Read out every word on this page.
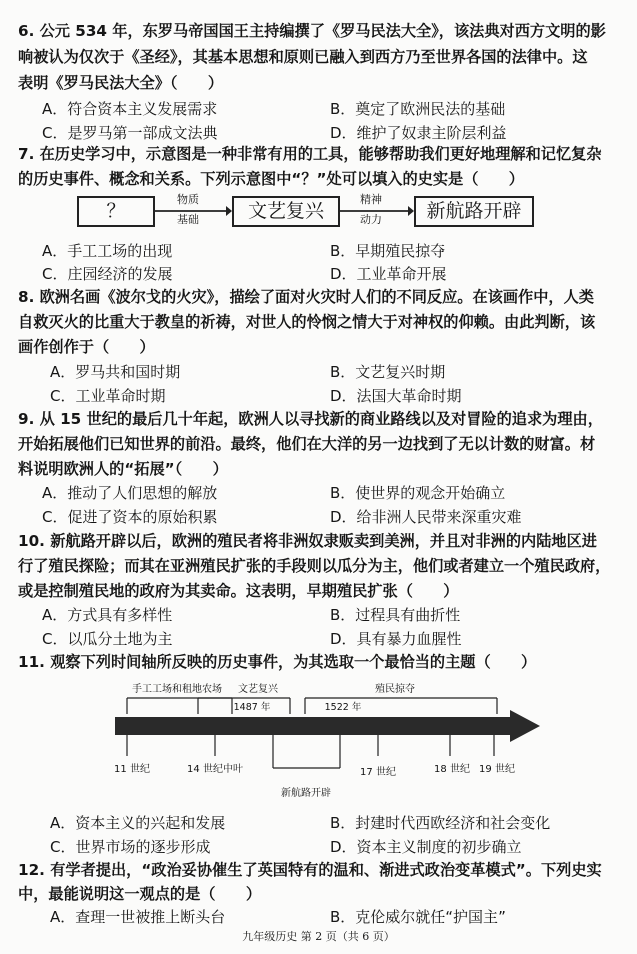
6. 公元 534 年，东罗马帝国国王主持编撰了《罗马民法大全》，该法典对西方文明的影
响被认为仅次于《圣经》，其基本思想和原则已融入到西方乃至世界各国的法律中。这
表明《罗马民法大全》（　　）
A．符合资本主义发展需求	B．奠定了欧洲民法的基础
C．是罗马第一部成文法典	D．维护了奴隶主阶层利益
7. 在历史学习中，示意图是一种非常有用的工具，能够帮助我们更好地理解和记忆复杂
的历史事件、概念和关系。下列示意图中“？”处可以填入的史实是（　　）
？
物质
基础	文艺复兴
精神
动力	新航路开辟
A．手工工场的出现	B．早期殖民掠夺
C．庄园经济的发展	D．工业革命开展
8. 欧洲名画《波尔戈的火灾》，描绘了面对火灾时人们的不同反应。在该画作中，人类
自救灭火的比重大于教皇的祈祷，对世人的怜悯之情大于对神权的仰赖。由此判断，该
画作创作于（　　）
A．罗马共和国时期	B．文艺复兴时期
C．工业革命时期	D．法国大革命时期
9. 从 15 世纪的最后几十年起，欧洲人以寻找新的商业路线以及对冒险的追求为理由，
开始拓展他们已知世界的前沿。最终，他们在大洋的另一边找到了无以计数的财富。材
料说明欧洲人的“拓展”（　　）
A．推动了人们思想的解放	B．使世界的观念开始确立
C．促进了资本的原始积累	D．给非洲人民带来深重灾难
10. 新航路开辟以后，欧洲的殖民者将非洲奴隶贩卖到美洲，并且对非洲的内陆地区进
行了殖民探险；而其在亚洲殖民扩张的手段则以瓜分为主，他们或者建立一个殖民政府，
或是控制殖民地的政府为其卖命。这表明，早期殖民扩张（　　）
A．方式具有多样性	B．过程具有曲折性
C．以瓜分土地为主	D．具有暴力血腥性
11. 观察下列时间轴所反映的历史事件，为其选取一个最恰当的主题（　　）
手工工场和租地农场 文艺复兴	殖民掠夺
1487 年	1522 年
11 世纪	14 世纪中叶	17 世纪	18 世纪 19 世纪
新航路开辟
A．资本主义的兴起和发展	B．封建时代西欧经济和社会变化
C．世界市场的逐步形成	D．资本主义制度的初步确立
12. 有学者提出，“政治妥协催生了英国特有的温和、渐进式政治变革模式”。下列史实
中，最能说明这一观点的是（　　）
A．查理一世被推上断头台	B．克伦威尔就任“护国主”
九年级历史 第 2 页（共 6 页）
